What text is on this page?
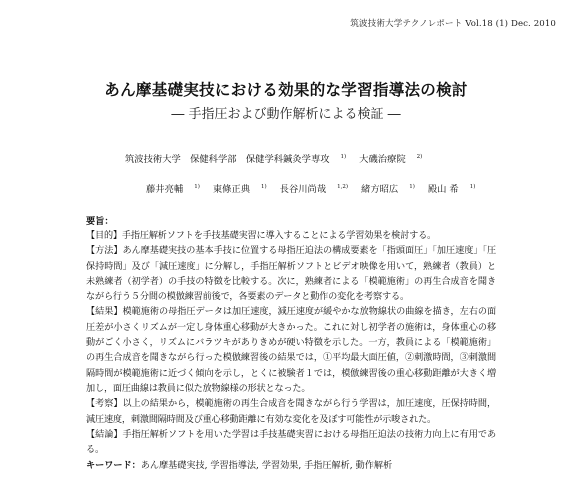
筑波技術大学テクノレポート Vol.18 (1) Dec. 2010
あん摩基礎実技における効果的な学習指導法の検討
― 手指圧および動作解析による検証 ―
筑波技術大学　保健科学部　保健学科鍼灸学専攻 $^{1)}$ 大磯治療院 $^{2)}$
藤井亮輔 $^{1)}$ 東條正典 $^{1)}$ 長谷川尚哉 $^{1,2)}$ 緒方昭広 $^{1)}$ 殿山 希 $^{1)}$
要旨：

【目的】手指圧解析ソフトを手技基礎実習に導入することによる学習効果を検討する。

【方法】あん摩基礎実技の基本手技に位置する母指圧迫法の構成要素を「指頭面圧」「加圧速度」「圧保持時間」及び「減圧速度」に分解し，手指圧解析ソフトとビデオ映像を用いて，熟練者（教員）と未熟練者（初学者）の手技の特徴を比較する。次に，熟練者による「模範施術」の再生合成音を聞きながら行う５分間の模倣練習前後で，各要素のデータと動作の変化を考察する。

【結果】模範施術の母指圧データは加圧速度，減圧速度が緩やかな放物線状の曲線を描き，左右の面圧差が小さくリズムが一定し身体重心移動が大きかった。これに対し初学者の施術は，身体重心の移動がごく小さく，リズムにバラツキがありきめが硬い特徴を示した。一方，教員による「模範施術」の再生合成音を聞きながら行った模倣練習後の結果では，①平均最大面圧値，②刺激時間，③刺激間隔時間が模範施術に近づく傾向を示し，とくに被験者１では，模倣練習後の重心移動距離が大きく増加し，面圧曲線は教員に似た放物線様の形状となった。

【考察】以上の結果から，模範施術の再生合成音を聞きながら行う学習は，加圧速度，圧保持時間，減圧速度，刺激間隔時間及び重心移動距離に有効な変化を及ぼす可能性が示唆された。

【結論】手指圧解析ソフトを用いた学習は手技基礎実習における母指圧迫法の技術力向上に有用である。

キーワード：あん摩基礎実技, 学習指導法, 学習効果, 手指圧解析, 動作解析
